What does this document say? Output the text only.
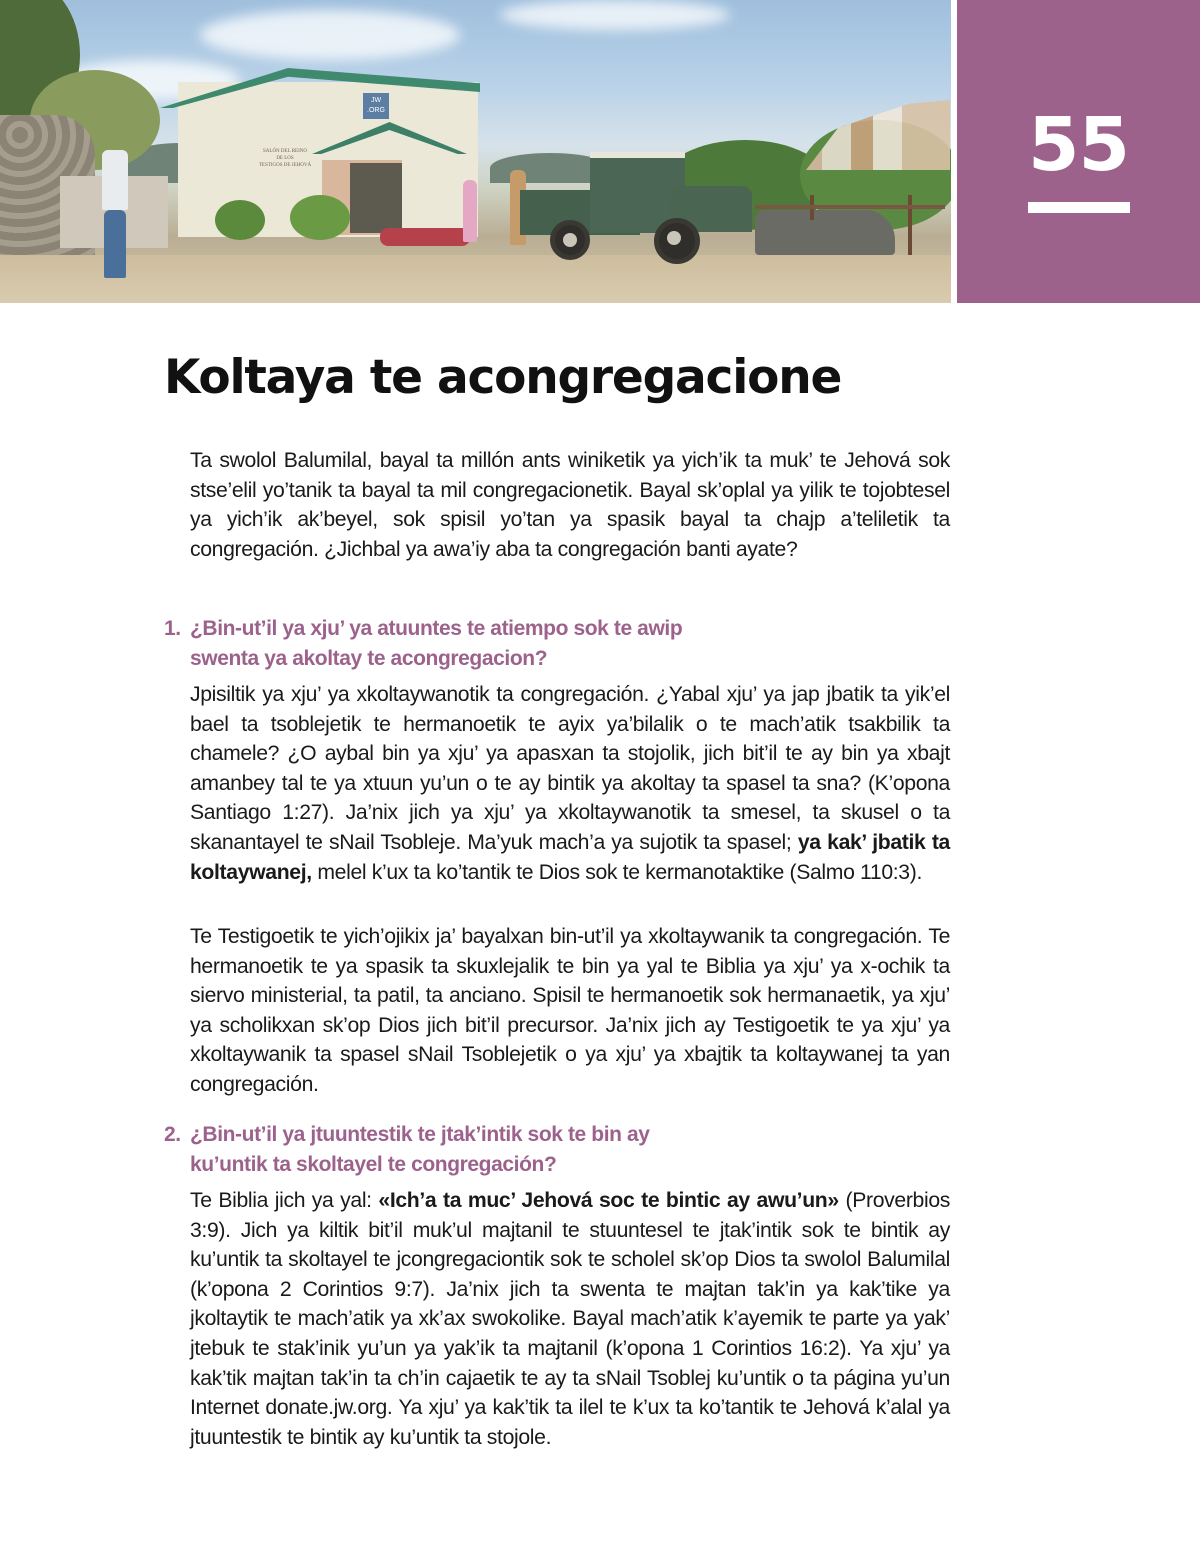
JW
.ORG
SALÓN DEL REINO
DE LOS
TESTIGOS DE JEHOVÁ	55
Koltaya te acongregacione

Ta swolol Balumilal, bayal ta millón ants winiketik ya yich’ik ta muk’ te Jehová sok stse’elil yo’tanik ta bayal ta mil congregacionetik. Bayal sk’oplal ya yilik te tojobtesel ya yich’ik ak’beyel, sok spisil yo’tan ya spasik bayal ta chajp a’teliletik ta congregación. ¿Jichbal ya awa’iy aba ta congregación banti ayate?

1. ¿Bin-ut’il ya xju’ ya atuuntes te atiempo sok te awip
swenta ya akoltay te acongregacion?

Jpisiltik ya xju’ ya xkoltaywanotik ta congregación. ¿Yabal xju’ ya jap jbatik ta yik’el bael ta tsoblejetik te hermanoetik te ayix ya’bilalik o te mach’atik tsakbilik ta chamele? ¿O aybal bin ya xju’ ya apasxan ta stojolik, jich bit’il te ay bin ya xbajt amanbey tal te ya xtuun yu’un o te ay bintik ya akoltay ta spasel ta sna? (K’opona Santiago 1:27). Ja’nix jich ya xju’ ya xkoltaywanotik ta smesel, ta skusel o ta skanantayel te sNail Tsobleje. Ma’yuk mach’a ya sujotik ta spasel; ya kak’ jbatik ta koltaywanej, melel k’ux ta ko’tantik te Dios sok te kermanotaktike (Salmo 110:3).

Te Testigoetik te yich’ojikix ja’ bayalxan bin-ut’il ya xkoltaywanik ta congregación. Te hermanoetik te ya spasik ta skuxlejalik te bin ya yal te Biblia ya xju’ ya x-ochik ta siervo ministerial, ta patil, ta anciano. Spisil te hermanoetik sok hermanaetik, ya xju’ ya scholikxan sk’op Dios jich bit’il precursor. Ja’nix jich ay Testigoetik te ya xju’ ya xkoltaywanik ta spasel sNail Tsoblejetik o ya xju’ ya xbajtik ta koltaywanej ta yan congregación.

2. ¿Bin-ut’il ya jtuuntestik te jtak’intik sok te bin ay
ku’untik ta skoltayel te congregación?

Te Biblia jich ya yal: «Ich’a ta muc’ Jehová soc te bintic ay awu’un» (Proverbios 3:9). Jich ya kiltik bit’il muk’ul majtanil te stuuntesel te jtak’intik sok te bintik ay ku’untik ta skoltayel te jcongregaciontik sok te scholel sk’op Dios ta swolol Balumilal (k’opona 2 Corintios 9:7). Ja’nix jich ta swenta te majtan tak’in ya kak’tike ya jkoltaytik te mach’atik ya xk’ax swokolike. Bayal mach’atik k’ayemik te parte ya yak’ jtebuk te stak’inik yu’un ya yak’ik ta majtanil (k’opona 1 Corintios 16:2). Ya xju’ ya kak’tik majtan tak’in ta ch’in cajaetik te ay ta sNail Tsoblej ku’untik o ta página yu’un Internet donate.jw.org. Ya xju’ ya kak’tik ta ilel te k’ux ta ko’tantik te Jehová k’alal ya jtuuntestik te bintik ay ku’untik ta stojole.
